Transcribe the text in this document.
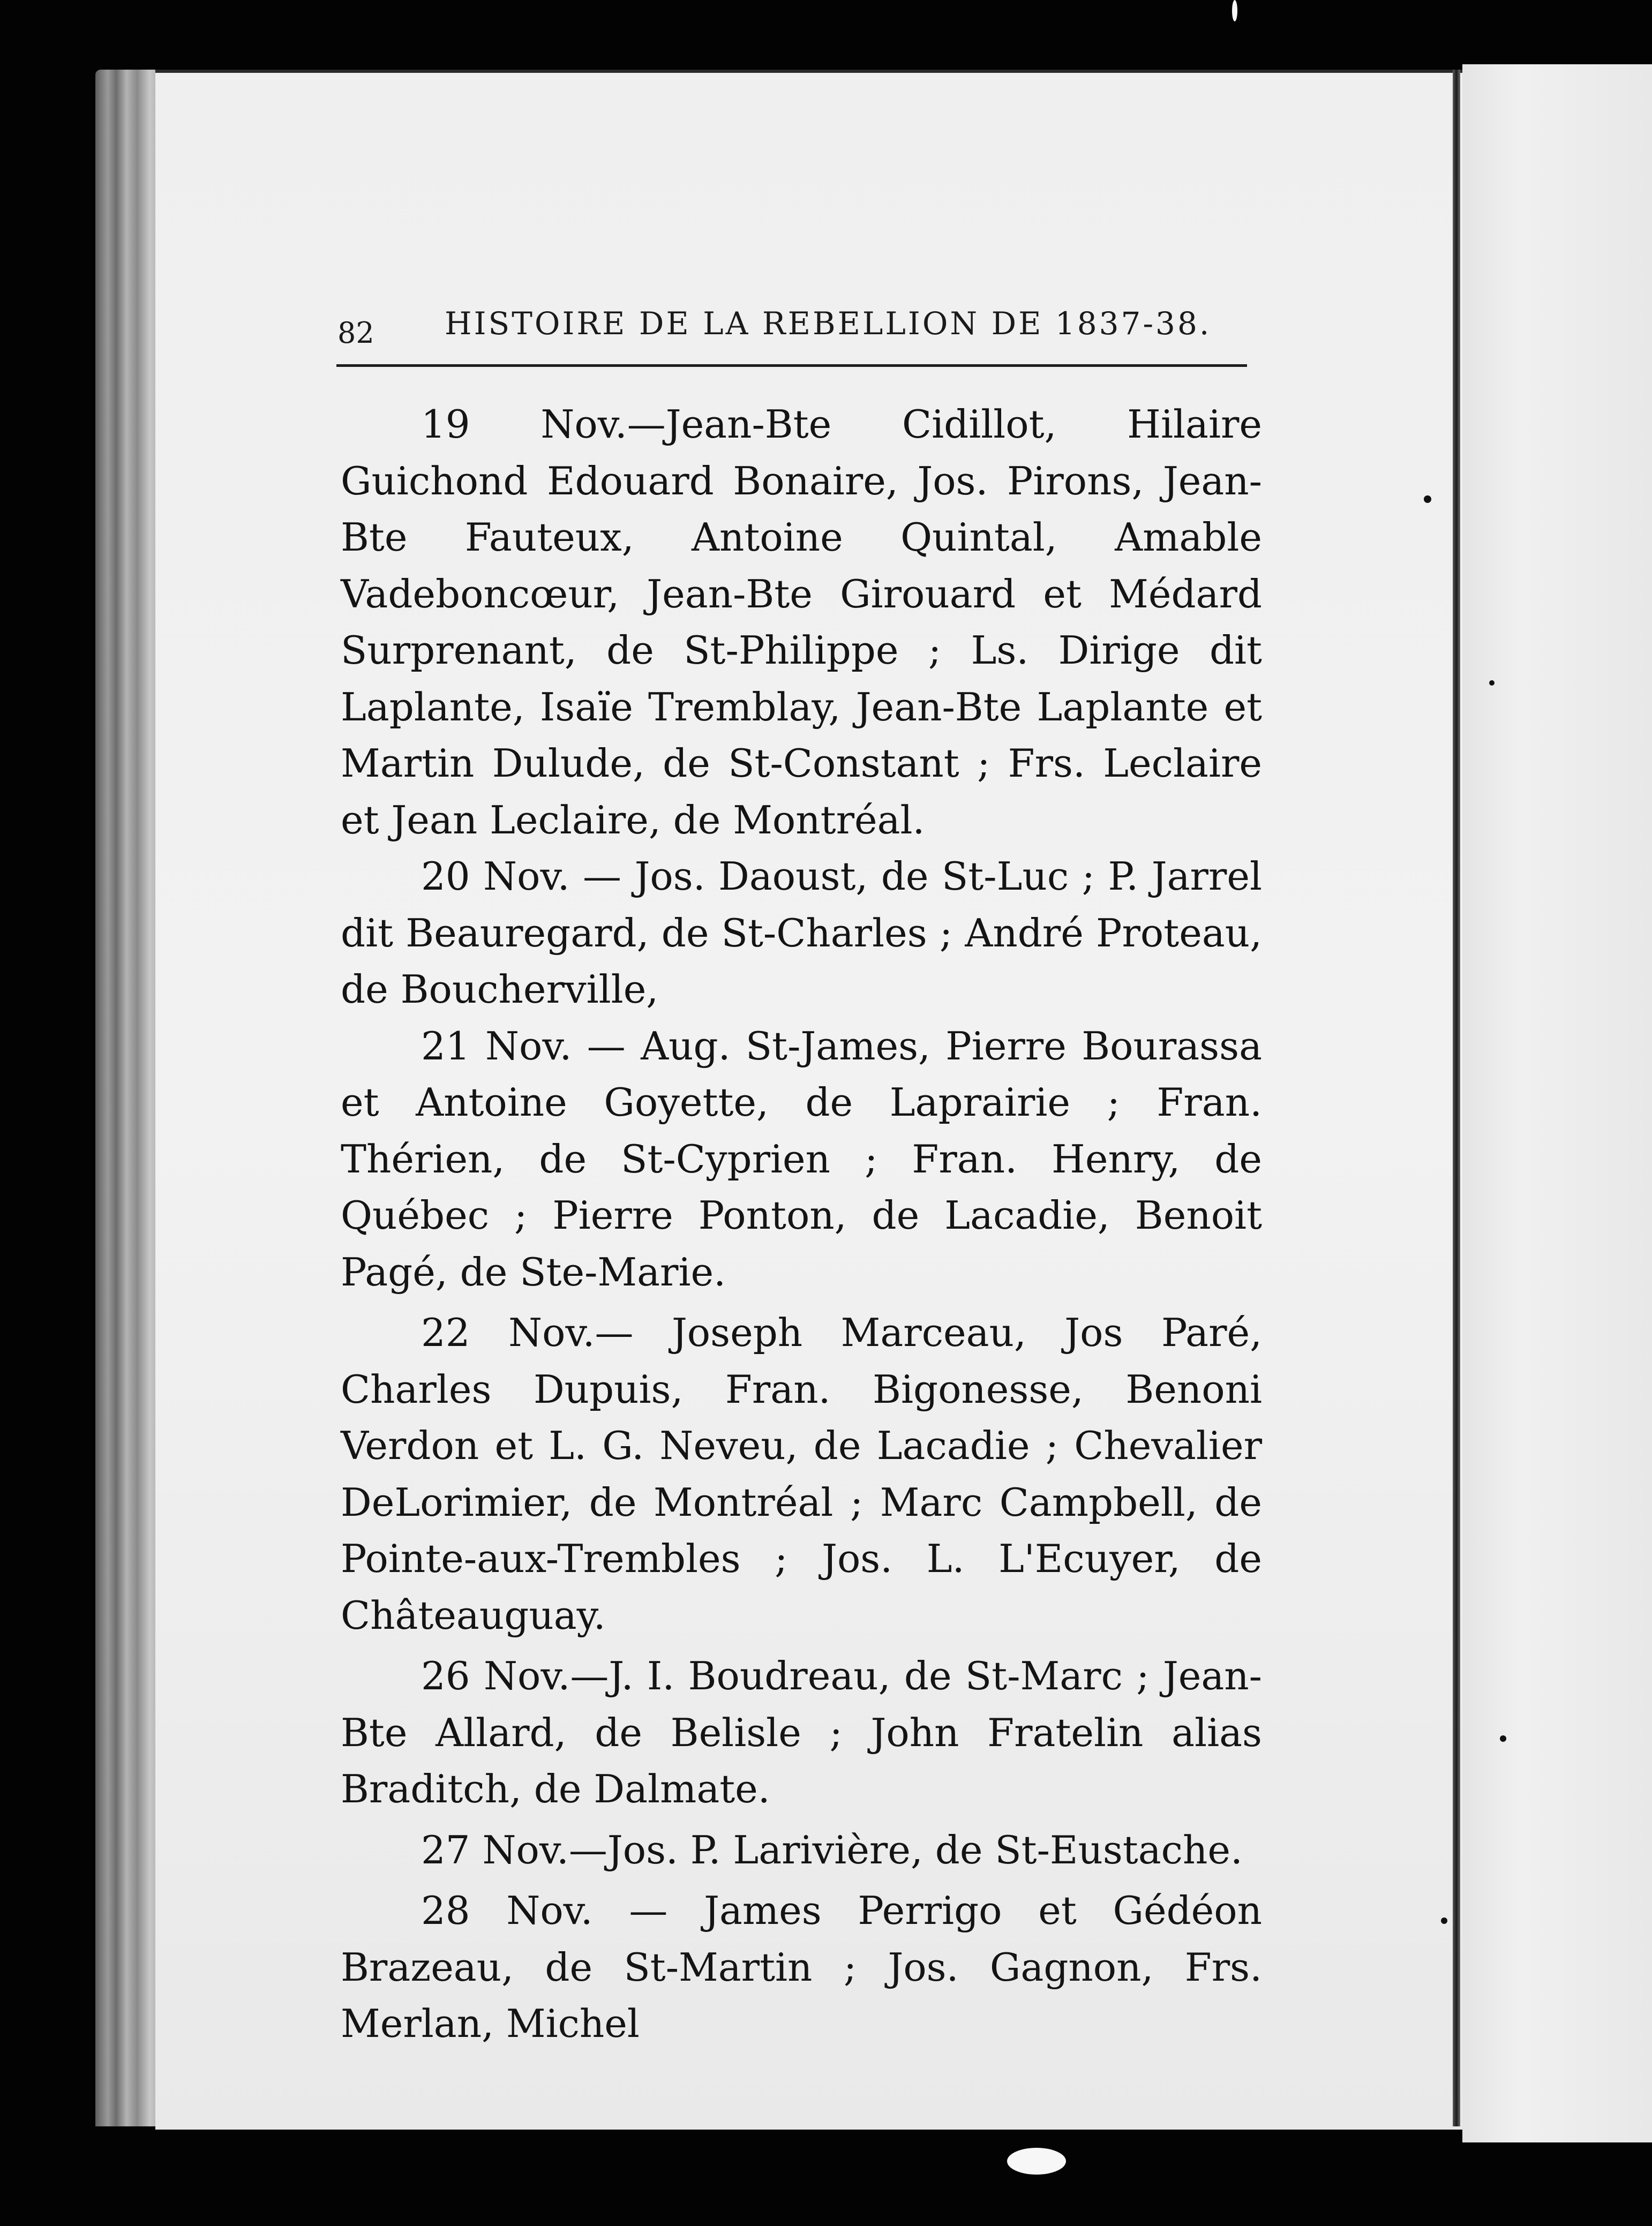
82 HISTOIRE DE LA REBELLION DE 1837-38.

19 Nov.—Jean-Bte Cidillot, Hilaire Guichond Edouard Bonaire, Jos. Pirons, Jean-Bte Fauteux, Antoine Quintal, Amable Vadeboncœur, Jean-Bte Girouard et Médard Surprenant, de St-Philippe ; Ls. Dirige dit Laplante, Isaïe Tremblay, Jean-Bte Laplante et Martin Dulude, de St-Constant ; Frs. Leclaire et Jean Leclaire, de Montréal.

20 Nov. — Jos. Daoust, de St-Luc ; P. Jarrel dit Beauregard, de St-Charles ; André Proteau, de Boucherville,

21 Nov. — Aug. St-James, Pierre Bourassa et Antoine Goyette, de Laprairie ; Fran. Thérien, de St-Cyprien ; Fran. Henry, de Québec ; Pierre Ponton, de Lacadie, Benoit Pagé, de Ste-Marie.

22 Nov.— Joseph Marceau, Jos Paré, Charles Dupuis, Fran. Bigonesse, Benoni Verdon et L. G. Neveu, de Lacadie ; Chevalier DeLorimier, de Montréal ; Marc Campbell, de Pointe-aux-Trembles ; Jos. L. L'Ecuyer, de Châteauguay.

26 Nov.—J. I. Boudreau, de St-Marc ; Jean-Bte Allard, de Belisle ; John Fratelin alias Braditch, de Dalmate.

27 Nov.—Jos. P. Larivière, de St-Eustache.

28 Nov. — James Perrigo et Gédéon Brazeau, de St-Martin ; Jos. Gagnon, Frs. Merlan, Michel
